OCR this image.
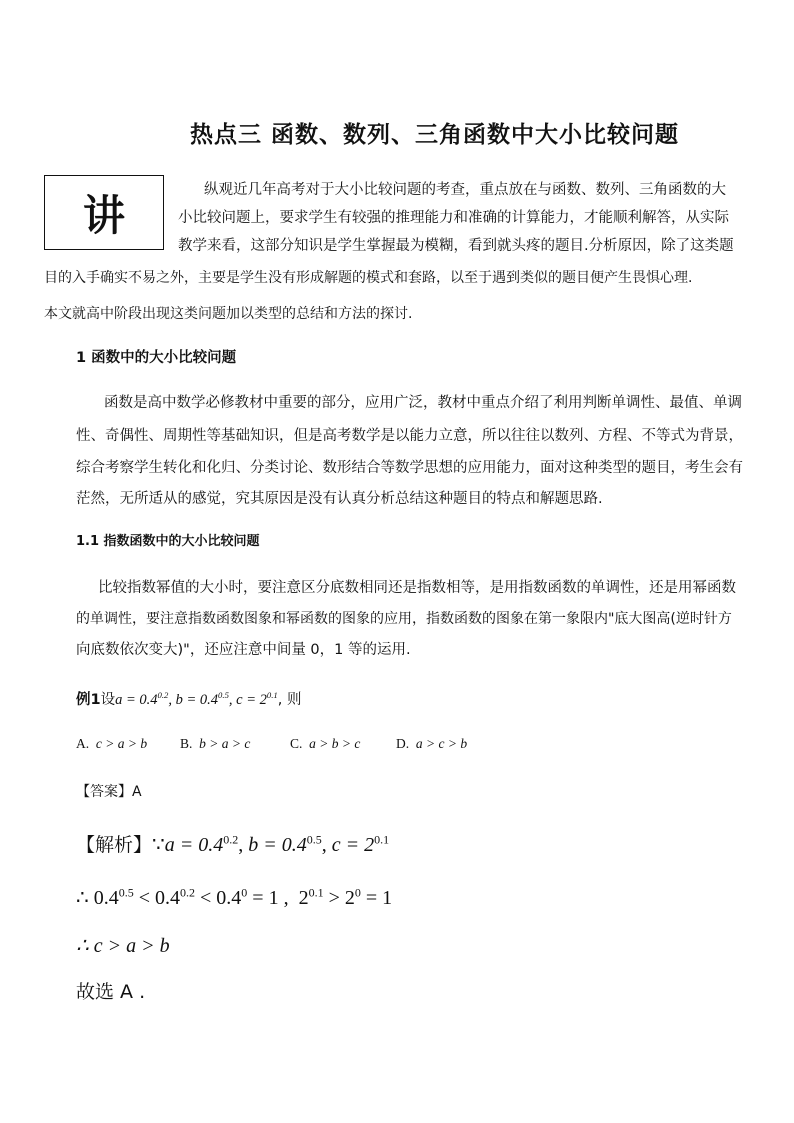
热点三 函数、数列、三角函数中大小比较问题
讲
纵观近几年高考对于大小比较问题的考查，重点放在与函数、数列、三角函数的大
小比较问题上，要求学生有较强的推理能力和准确的计算能力，才能顺利解答，从实际
教学来看，这部分知识是学生掌握最为模糊，看到就头疼的题目.分析原因，除了这类题
目的入手确实不易之外，主要是学生没有形成解题的模式和套路，以至于遇到类似的题目便产生畏惧心理.
本文就高中阶段出现这类问题加以类型的总结和方法的探讨.
1 函数中的大小比较问题
函数是高中数学必修教材中重要的部分，应用广泛，教材中重点介绍了利用判断单调性、最值、单调
性、奇偶性、周期性等基础知识，但是高考数学是以能力立意，所以往往以数列、方程、不等式为背景，
综合考察学生转化和化归、分类讨论、数形结合等数学思想的应用能力，面对这种类型的题目，考生会有
茫然，无所适从的感觉，究其原因是没有认真分析总结这种题目的特点和解题思路.
1.1 指数函数中的大小比较问题
比较指数幂值的大小时，要注意区分底数相同还是指数相等，是用指数函数的单调性，还是用幂函数
的单调性，要注意指数函数图象和幂函数的图象的应用，指数函数的图象在第一象限内"底大图高(逆时针方
向底数依次变大)"，还应注意中间量 0，1 等的运用.
例1设$a = 0.4^{0.2}$, $b = 0.4^{0.5}$, $c = 2^{0.1}$, 则
A. c > a > b B. b > a > c	C. a > b > c	D. a > c > b
【答案】A
【解析】∵a = $0.4^{0.2}$, $b = 0.4^{0.5}$, $c = 2^{0.1}$
∴ $0.4^{0.5} < 0.4^{0.2} < 0.4^0 = 1$ , $2^{0.1} > 2^0 = 1$
∴ c > a > b
故选 A .
